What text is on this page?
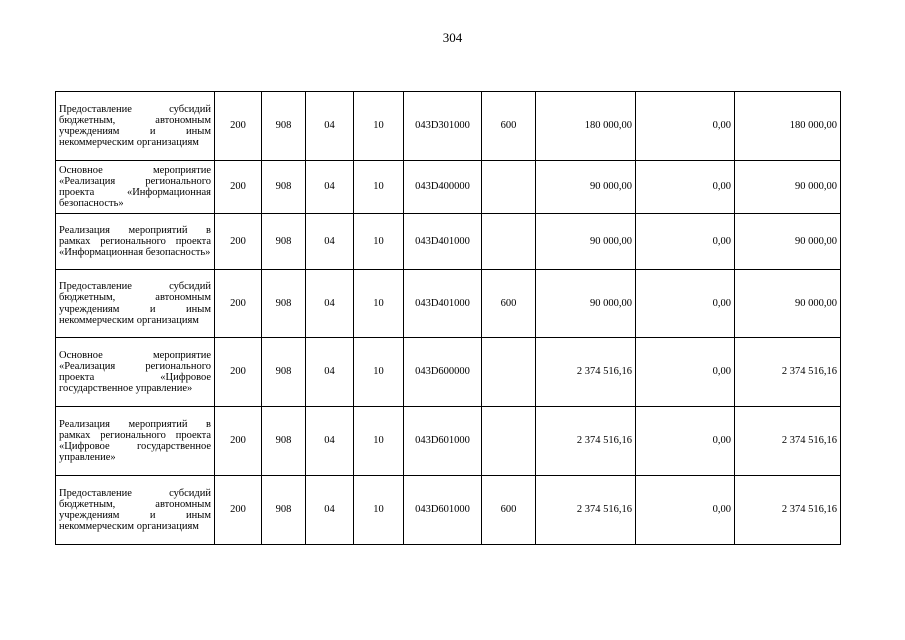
304
Предоставление субсидий бюджетным, автономным учреждениям и иным некоммерческим организациям	200	908	04	10	043D301000	600	180 000,00	0,00	180 000,00
Основное мероприятие «Реализация регионального проекта «Информационная безопасность»	200	908	04	10	043D400000		90 000,00	0,00	90 000,00
Реализация мероприятий в рамках регионального проекта «Информационная безопасность»	200	908	04	10	043D401000		90 000,00	0,00	90 000,00
Предоставление субсидий бюджетным, автономным учреждениям и иным некоммерческим организациям	200	908	04	10	043D401000	600	90 000,00	0,00	90 000,00
Основное мероприятие «Реализация регионального проекта «Цифровое государственное управление»	200	908	04	10	043D600000		2 374 516,16	0,00	2 374 516,16
Реализация мероприятий в рамках регионального проекта «Цифровое государственное управление»	200	908	04	10	043D601000		2 374 516,16	0,00	2 374 516,16
Предоставление субсидий бюджетным, автономным учреждениям и иным некоммерческим организациям	200	908	04	10	043D601000	600	2 374 516,16	0,00	2 374 516,16
